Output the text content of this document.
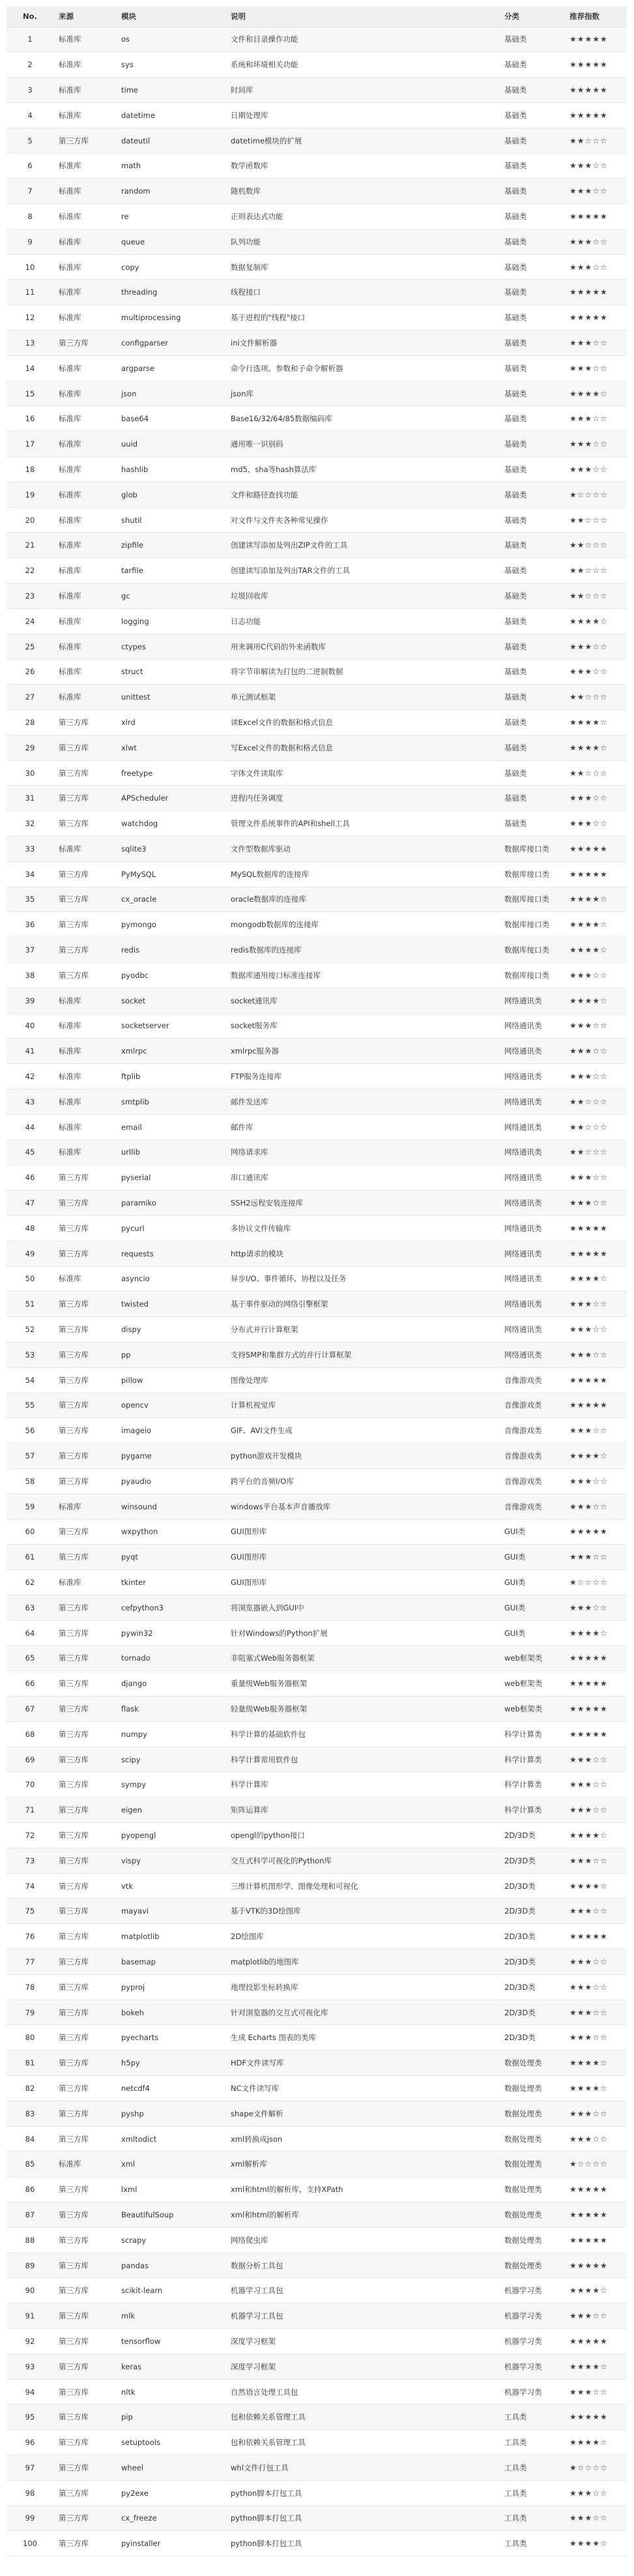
No.	来源	模块	说明	分类	推荐指数
1	标准库	os	文件和目录操作功能	基础类	★★★★★
2	标准库	sys	系统和环境相关功能	基础类	★★★★★
3	标准库	time	时间库	基础类	★★★★★
4	标准库	datetime	日期处理库	基础类	★★★★★
5	第三方库	dateutil	datetime模块的扩展	基础类	★★☆☆☆
6	标准库	math	数学函数库	基础类	★★★☆☆
7	标准库	random	随机数库	基础类	★★★☆☆
8	标准库	re	正则表达式功能	基础类	★★★★★
9	标准库	queue	队列功能	基础类	★★★☆☆
10	标准库	copy	数据复制库	基础类	★★★☆☆
11	标准库	threading	线程接口	基础类	★★★★★
12	标准库	multiprocessing	基于进程的"线程"接口	基础类	★★★★★
13	第三方库	configparser	ini文件解析器	基础类	★★★☆☆
14	标准库	argparse	命令行选项、参数和子命令解析器	基础类	★★★☆☆
15	标准库	json	json库	基础类	★★★★☆
16	标准库	base64	Base16/32/64/85数据编码库	基础类	★★★☆☆
17	标准库	uuid	通用唯一识别码	基础类	★★★☆☆
18	标准库	hashlib	md5、sha等hash算法库	基础类	★★★☆☆
19	标准库	glob	文件和路径查找功能	基础类	★☆☆☆☆
20	标准库	shutil	对文件与文件夹各种常见操作	基础类	★★☆☆☆
21	标准库	zipfile	创建读写添加及列出ZIP文件的工具	基础类	★★☆☆☆
22	标准库	tarfile	创建读写添加及列出TAR文件的工具	基础类	★★☆☆☆
23	标准库	gc	垃圾回收库	基础类	★★☆☆☆
24	标准库	logging	日志功能	基础类	★★★★☆
25	标准库	ctypes	用来调用C代码的外来函数库	基础类	★★★☆☆
26	标准库	struct	将字节串解读为打包的二进制数据	基础类	★★★☆☆
27	标准库	unittest	单元测试框架	基础类	★★☆☆☆
28	第三方库	xlrd	读Excel文件的数据和格式信息	基础类	★★★★☆
29	第三方库	xlwt	写Excel文件的数据和格式信息	基础类	★★★★☆
30	第三方库	freetype	字体文件读取库	基础类	★★☆☆☆
31	第三方库	APScheduler	进程内任务调度	基础类	★★★☆☆
32	第三方库	watchdog	管理文件系统事件的API和shell工具	基础类	★★★☆☆
33	标准库	sqlite3	文件型数据库驱动	数据库接口类	★★★★★
34	第三方库	PyMySQL	MySQL数据库的连接库	数据库接口类	★★★★★
35	第三方库	cx_oracle	oracle数据库的连接库	数据库接口类	★★★★☆
36	第三方库	pymongo	mongodb数据库的连接库	数据库接口类	★★★★☆
37	第三方库	redis	redis数据库的连接库	数据库接口类	★★★★☆
38	第三方库	pyodbc	数据库通用接口标准连接库	数据库接口类	★★★☆☆
39	标准库	socket	socket通讯库	网络通讯类	★★★★☆
40	标准库	socketserver	socket服务库	网络通讯类	★★★☆☆
41	标准库	xmlrpc	xmlrpc服务器	网络通讯类	★★★☆☆
42	标准库	ftplib	FTP服务连接库	网络通讯类	★★★☆☆
43	标准库	smtplib	邮件发送库	网络通讯类	★★☆☆☆
44	标准库	email	邮件库	网络通讯类	★★☆☆☆
45	标准库	urllib	网络请求库	网络通讯类	★★☆☆☆
46	第三方库	pyserial	串口通讯库	网络通讯类	★★★☆☆
47	第三方库	paramiko	SSH2远程安装连接库	网络通讯类	★★★☆☆
48	第三方库	pycurl	多协议文件传输库	网络通讯类	★★★★★
49	第三方库	requests	http请求的模块	网络通讯类	★★★★★
50	标准库	asyncio	异步I/O、事件循环、协程以及任务	网络通讯类	★★★★☆
51	第三方库	twisted	基于事件驱动的网络引擎框架	网络通讯类	★★★☆☆
52	第三方库	dispy	分布式并行计算框架	网络通讯类	★★★☆☆
53	第三方库	pp	支持SMP和集群方式的并行计算框架	网络通讯类	★★★☆☆
54	第三方库	pillow	图像处理库	音像游戏类	★★★★★
55	第三方库	opencv	计算机视觉库	音像游戏类	★★★★★
56	第三方库	imageio	GIF、AVI文件生成	音像游戏类	★★★☆☆
57	第三方库	pygame	python游戏开发模块	音像游戏类	★★★★☆
58	第三方库	pyaudio	跨平台的音频I/O库	音像游戏类	★★★☆☆
59	标准库	winsound	windows平台基本声音播放库	音像游戏类	★★★☆☆
60	第三方库	wxpython	GUI图形库	GUI类	★★★★★
61	第三方库	pyqt	GUI图形库	GUI类	★★★☆☆
62	标准库	tkinter	GUI图形库	GUI类	★☆☆☆☆
63	第三方库	cefpython3	将浏览器嵌入到GUI中	GUI类	★★★☆☆
64	第三方库	pywin32	针对Windows的Python扩展	GUI类	★★★★☆
65	第三方库	tornado	非阻塞式Web服务器框架	web框架类	★★★★★
66	第三方库	django	重量级Web服务器框架	web框架类	★★★★★
67	第三方库	flask	轻量级Web服务器框架	web框架类	★★★★★
68	第三方库	numpy	科学计算的基础软件包	科学计算类	★★★★★
69	第三方库	scipy	科学计算常用软件包	科学计算类	★★★☆☆
70	第三方库	sympy	科学计算库	科学计算类	★★★☆☆
71	第三方库	eigen	矩阵运算库	科学计算类	★★★☆☆
72	第三方库	pyopengl	opengl的python接口	2D/3D类	★★★★☆
73	第三方库	vispy	交互式科学可视化的Python库	2D/3D类	★★★☆☆
74	第三方库	vtk	三维计算机图形学、图像处理和可视化	2D/3D类	★★★★☆
75	第三方库	mayavi	基于VTK的3D绘图库	2D/3D类	★★★☆☆
76	第三方库	matplotlib	2D绘图库	2D/3D类	★★★★★
77	第三方库	basemap	matplotlib的地图库	2D/3D类	★★★☆☆
78	第三方库	pyproj	地理投影坐标转换库	2D/3D类	★★★☆☆
79	第三方库	bokeh	针对浏览器的交互式可视化库	2D/3D类	★★★☆☆
80	第三方库	pyecharts	生成 Echarts 图表的类库	2D/3D类	★★★☆☆
81	第三方库	h5py	HDF文件读写库	数据处理类	★★★★☆
82	第三方库	netcdf4	NC文件读写库	数据处理类	★★★★☆
83	第三方库	pyshp	shape文件解析	数据处理类	★★★☆☆
84	第三方库	xmltodict	xml转换成json	数据处理类	★★★☆☆
85	标准库	xml	xml解析库	数据处理类	★☆☆☆☆
86	第三方库	lxml	xml和html的解析库，支持XPath	数据处理类	★★★★★
87	第三方库	BeautifulSoup	xml和html的解析库	数据处理类	★★★★★
88	第三方库	scrapy	网络爬虫库	数据处理类	★★★★★
89	第三方库	pandas	数据分析工具包	数据处理类	★★★★★
90	第三方库	scikit-learn	机器学习工具包	机器学习类	★★★★☆
91	第三方库	mlk	机器学习工具包	机器学习类	★★★☆☆
92	第三方库	tensorflow	深度学习框架	机器学习类	★★★★★
93	第三方库	keras	深度学习框架	机器学习类	★★★★☆
94	第三方库	nltk	自然语言处理工具包	机器学习类	★★★☆☆
95	第三方库	pip	包和依赖关系管理工具	工具类	★★★★★
96	第三方库	setuptools	包和依赖关系管理工具	工具类	★★★★☆
97	第三方库	wheel	whl文件打包工具	工具类	★☆☆☆☆
98	第三方库	py2exe	python脚本打包工具	工具类	★★★☆☆
99	第三方库	cx_freeze	python脚本打包工具	工具类	★★★☆☆
100	第三方库	pyinstaller	python脚本打包工具	工具类	★★★★☆
